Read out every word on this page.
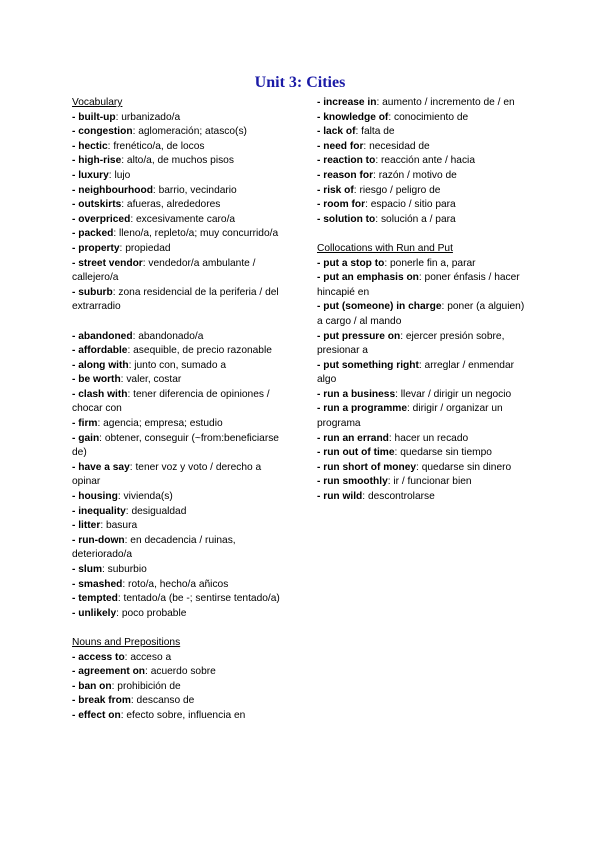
Unit 3: Cities
Vocabulary
- built-up: urbanizado/a
- congestion: aglomeración; atasco(s)
- hectic: frenético/a, de locos
- high-rise: alto/a, de muchos pisos
- luxury: lujo
- neighbourhood: barrio, vecindario
- outskirts: afueras, alrededores
- overpriced: excesivamente caro/a
- packed: lleno/a, repleto/a; muy concurrido/a
- property: propiedad
- street vendor: vendedor/a ambulante / callejero/a
- suburb: zona residencial de la periferia / del extrarradio
- abandoned: abandonado/a
- affordable: asequible, de precio razonable
- along with: junto con, sumado a
- be worth: valer, costar
- clash with: tener diferencia de opiniones / chocar con
- firm: agencia; empresa; estudio
- gain: obtener, conseguir (~from:beneficiarse de)
- have a say: tener voz y voto / derecho a opinar
- housing: vivienda(s)
- inequality: desigualdad
- litter: basura
- run-down: en decadencia / ruinas, deteriorado/a
- slum: suburbio
- smashed: roto/a, hecho/a añicos
- tempted: tentado/a (be -; sentirse tentado/a)
- unlikely: poco probable
Nouns and Prepositions
- access to: acceso a
- agreement on: acuerdo sobre
- ban on: prohibición de
- break from: descanso de
- effect on: efecto sobre, influencia en
- increase in: aumento / incremento de / en
- knowledge of: conocimiento de
- lack of: falta de
- need for: necesidad de
- reaction to: reacción ante / hacia
- reason for: razón / motivo de
- risk of: riesgo / peligro de
- room for: espacio / sitio para
- solution to: solución a / para
Collocations with Run and Put
- put a stop to: ponerle fin a, parar
- put an emphasis on: poner énfasis / hacer hincapié en
- put (someone) in charge: poner (a alguien) a cargo / al mando
- put pressure on: ejercer presión sobre, presionar a
- put something right: arreglar / enmendar algo
- run a business: llevar / dirigir un negocio
- run a programme: dirigir / organizar un programa
- run an errand: hacer un recado
- run out of time: quedarse sin tiempo
- run short of money: quedarse sin dinero
- run smoothly: ir / funcionar bien
- run wild: descontrolarse
